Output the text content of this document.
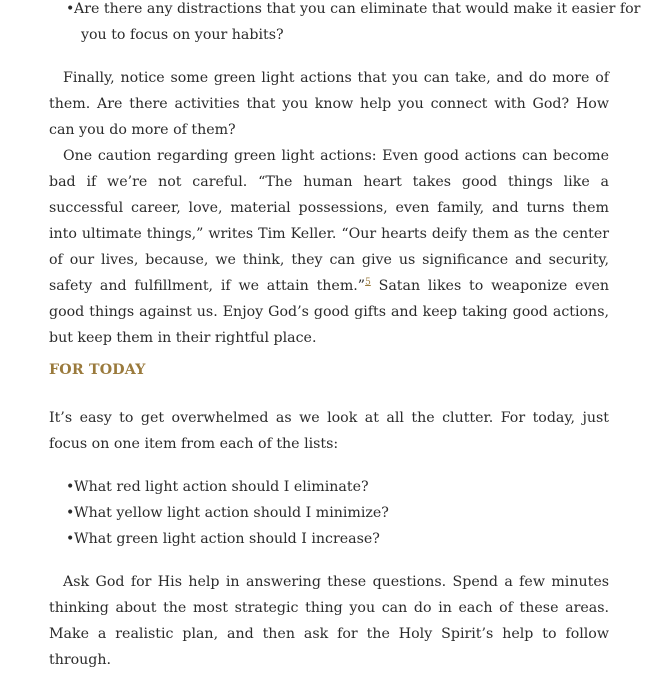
•Are there any distractions that you can eliminate that would make it easier for
you to focus on your habits?
Finally, notice some green light actions that you can take, and do more of them. Are there activities that you know help you connect with God? How can you do more of them?
One caution regarding green light actions: Even good actions can become bad if we’re not careful. “The human heart takes good things like a successful career, love, material possessions, even family, and turns them into ultimate things,” writes Tim Keller. “Our hearts deify them as the center of our lives, because, we think, they can give us significance and security, safety and fulfillment, if we attain them.”$^5$ Satan likes to weaponize even good things against us. Enjoy God’s good gifts and keep taking good actions, but keep them in their rightful place.
FOR TODAY
It’s easy to get overwhelmed as we look at all the clutter. For today, just focus on one item from each of the lists:
•What red light action should I eliminate?
•What yellow light action should I minimize?
•What green light action should I increase?
Ask God for His help in answering these questions. Spend a few minutes thinking about the most strategic thing you can do in each of these areas. Make a realistic plan, and then ask for the Holy Spirit’s help to follow through.
